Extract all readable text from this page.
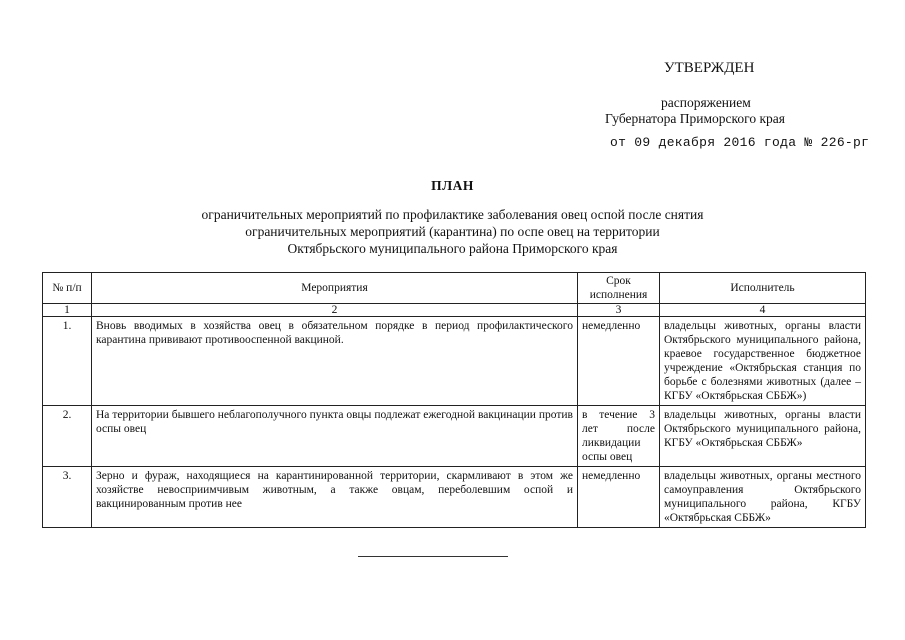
УТВЕРЖДЕН
распоряжением
Губернатора Приморского края
от 09 декабря 2016 года № 226-рг
ПЛАН
ограничительных мероприятий по профилактике заболевания овец оспой после снятия
ограничительных мероприятий (карантина) по оспе овец на территории
Октябрьского муниципального района Приморского края
№ п/п	Мероприятия	Срок исполнения	Исполнитель
1	2	3	4
1.	Вновь вводимых в хозяйства овец в обязательном порядке в период профилактического карантина прививают противооспенной вакциной.	немедленно	владельцы животных, органы власти Октябрьского муниципального района, краевое государственное бюджетное учреждение «Октябрьская станция по борьбе с болезнями животных (далее – КГБУ «Октябрьская СББЖ»)
2.	На территории бывшего неблагополучного пункта овцы подлежат ежегодной вакцинации против оспы овец	в течение 3 лет после ликвидации оспы овец	владельцы животных, органы власти Октябрьского муниципального района, КГБУ «Октябрьская СББЖ»
3.	Зерно и фураж, находящиеся на карантинированной территории, скармливают в этом же хозяйстве невосприимчивым животным, а также овцам, переболевшим оспой и вакцинированным против нее	немедленно	владельцы животных, органы местного самоуправления Октябрьского муниципального района, КГБУ «Октябрьская СББЖ»
